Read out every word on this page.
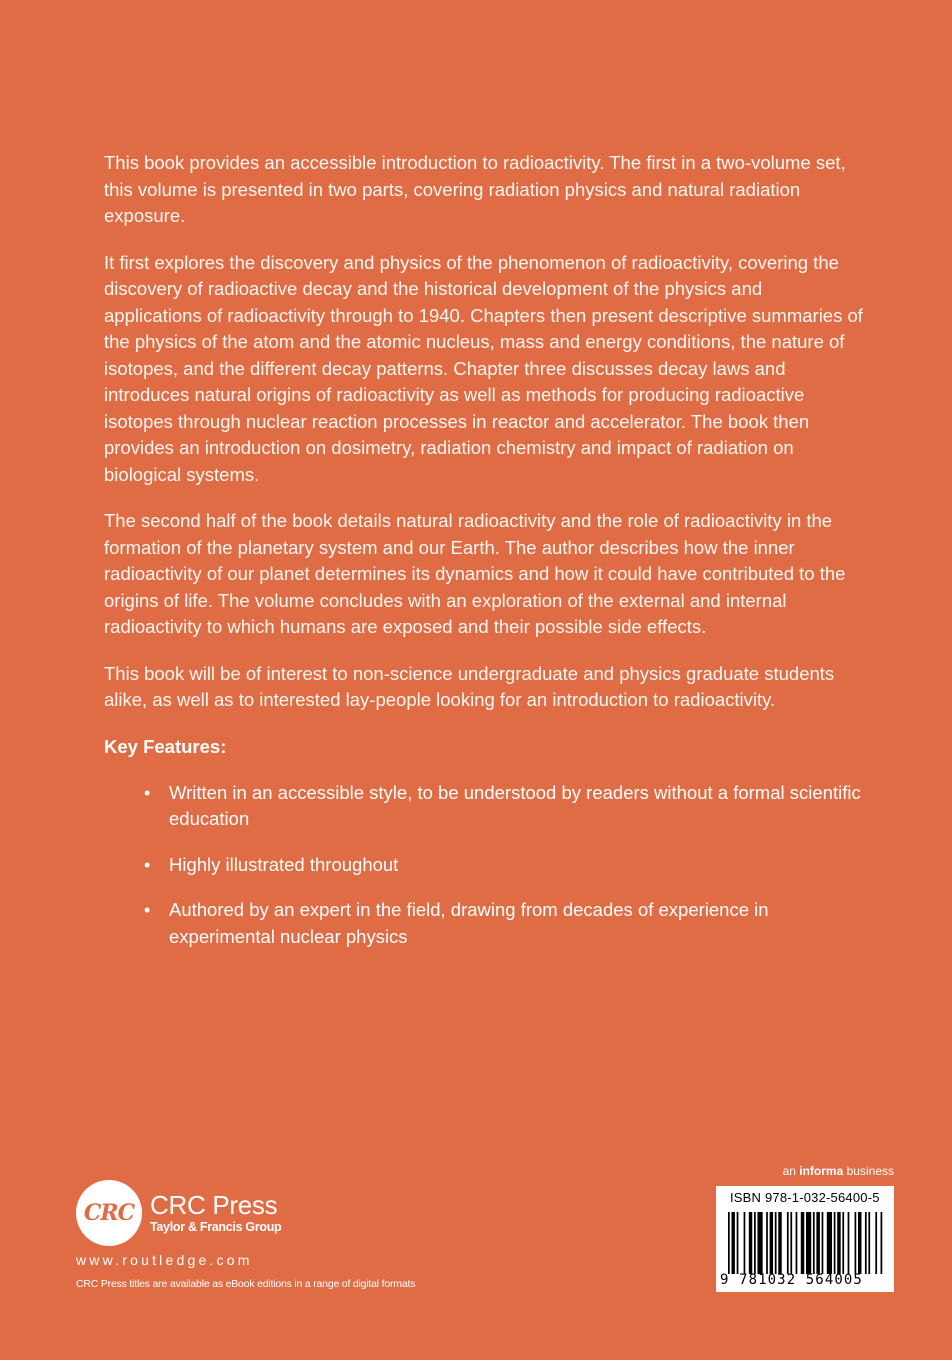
This book provides an accessible introduction to radioactivity. The first in a two-volume set, this volume is presented in two parts, covering radiation physics and natural radiation exposure.

It first explores the discovery and physics of the phenomenon of radioactivity, covering the discovery of radioactive decay and the historical development of the physics and applications of radioactivity through to 1940. Chapters then present descriptive summaries of the physics of the atom and the atomic nucleus, mass and energy conditions, the nature of isotopes, and the different decay patterns. Chapter three discusses decay laws and introduces natural origins of radioactivity as well as methods for producing radioactive isotopes through nuclear reaction processes in reactor and accelerator. The book then provides an introduction on dosimetry, radiation chemistry and impact of radiation on biological systems.

The second half of the book details natural radioactivity and the role of radioactivity in the formation of the planetary system and our Earth. The author describes how the inner radioactivity of our planet determines its dynamics and how it could have contributed to the origins of life. The volume concludes with an exploration of the external and internal radioactivity to which humans are exposed and their possible side effects.

This book will be of interest to non-science undergraduate and physics graduate students alike, as well as to interested lay-people looking for an introduction to radioactivity.

Key Features:
• Written in an accessible style, to be understood by readers without a formal scientific education
• Highly illustrated throughout
• Authored by an expert in the field, drawing from decades of experience in experimental nuclear physics
CRC CRC Press
Taylor & Francis Group
www.routledge.com
CRC Press titles are available as eBook editions in a range of digital formats
an informa business
ISBN 978-1-032-56400-5
9 781032 564005
